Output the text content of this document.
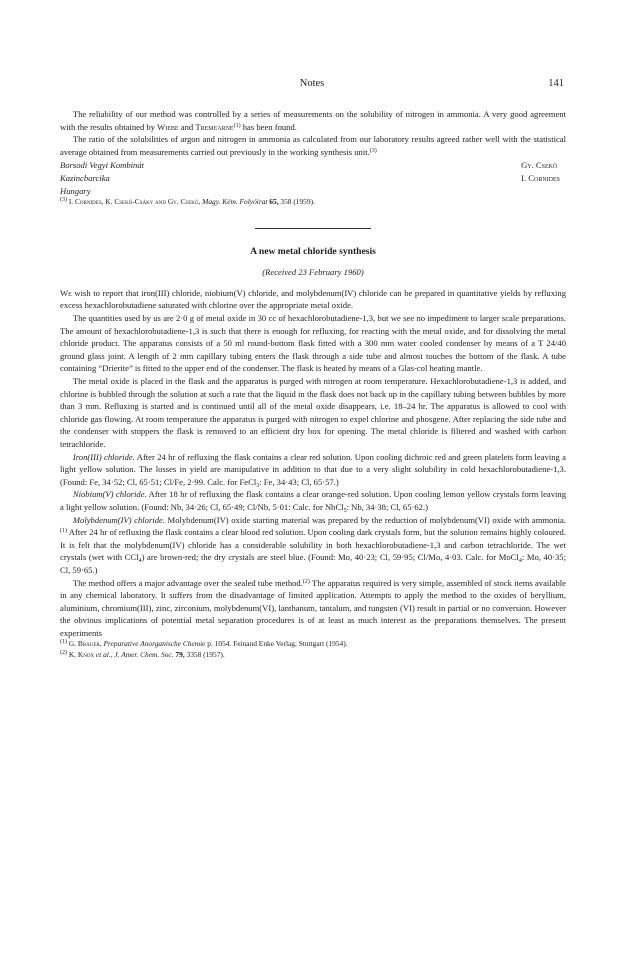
Notes	141

The reliability of our method was controlled by a series of measurements on the solubility of nitrogen in ammonia. A very good agreement with the results obtained by Wiebe and Tremearne$^{(1)}$ has been found.

The ratio of the solubilities of argon and nitrogen in ammonia as calculated from our laboratory results agreed rather well with the statistical average obtained from measurements carried out previously in the working synthesis unit.$^{(3)}$

Borsodi Vegyi Kombinát
Kazincbarcika
Hungary
Gy. Csekö
I. Cornides

$^{(3)}$ I. Cornides, K. Csekö-Csáky and Gy. Csekö, Magy. Kém. Folyóirat 65, 358 (1959).

A new metal chloride synthesis

(Received 23 February 1960)

We wish to report that iron(III) chloride, niobium(V) chloride, and molybdenum(IV) chloride can be prepared in quantitative yields by refluxing excess hexachlorobutadiene saturated with chlorine over the appropriate metal oxide.

The quantities used by us are 2·0 g of metal oxide in 30 cc of hexachlorobutadiene-1,3, but we see no impediment to larger scale preparations. The amount of hexachlorobutadiene-1,3 is such that there is enough for refluxing, for reacting with the metal oxide, and for dissolving the metal chloride product. The apparatus consists of a 50 ml round-bottom flask fitted with a 300 mm water cooled condenser by means of a T 24/40 ground glass joint. A length of 2 mm capillary tubing enters the flask through a side tube and almost touches the bottom of the flask. A tube containing “Drierite” is fitted to the upper end of the condenser. The flask is heated by means of a Glas-col heating mantle.

The metal oxide is placed in the flask and the apparatus is purged with nitrogen at room temperature. Hexachlorobutadiene-1,3 is added, and chlorine is bubbled through the solution at such a rate that the liquid in the flask does not back up in the capillary tubing between bubbles by more than 3 mm. Refluxing is started and is continued until all of the metal oxide disappears, i.e. 18–24 hr. The apparatus is allowed to cool with chloride gas flowing. At room temperature the apparatus is purged with nitrogen to expel chlorine and phosgene. After replacing the side tube and the condenser with stoppers the flask is removed to an efficient dry box for opening. The metal chloride is filtered and washed with carbon tetrachloride.

Iron(III) chloride. After 24 hr of refluxing the flask contains a clear red solution. Upon cooling dichroic red and green platelets form leaving a light yellow solution. The losses in yield are manipulative in addition to that due to a very slight solubility in cold hexachlorobutadiene-1,3. (Found: Fe, 34·52; Cl, 65·51; Cl/Fe, 2·99. Calc. for FeCl$_3$: Fe, 34·43; Cl, 65·57.)

Niobium(V) chloride. After 18 hr of refluxing the flask contains a clear orange-red solution. Upon cooling lemon yellow crystals form leaving a light yellow solution. (Found: Nb, 34·26; Cl, 65·49; Cl/Nb, 5·01: Calc. for NbCl$_5$: Nb, 34·38; Cl, 65·62.)

Molybdenum(IV) chloride. Molybdenum(IV) oxide starting material was prepared by the reduction of molybdenum(VI) oxide with ammonia.$^{(1)}$ After 24 hr of refluxing the flask contains a clear blood red solution. Upon cooling dark crystals form, but the solution remains highly coloured. It is felt that the molybdenum(IV) chloride has a considerable solubility in both hexachlorobutadiene-1,3 and carbon tetrachloride. The wet crystals (wet with CCl$_4$) are brown-red; the dry crystals are steel blue. (Found: Mo, 40·23; Cl, 59·95; Cl/Mo, 4·03. Calc. for MoCl$_4$: Mo, 40·35; Cl, 59·65.)

The method offers a major advantage over the sealed tube method.$^{(2)}$ The apparatus required is very simple, assembled of stock items available in any chemical laboratory. It suffers from the disadvantage of limited application. Attempts to apply the method to the oxides of beryllium, aluminium, chromium(III), zinc, zirconium, molybdenum(VI), lanthanum, tantalum, and tungsten (VI) result in partial or no conversion. However the obvious implications of potential metal separation procedures is of at least as much interest as the preparations themselves. The present experiments

$^{(1)}$ G. Brauer, Preparative Anorganische Chemie p. 1054. Feinand Enke Verlag, Stuttgart (1954).

$^{(2)}$ K. Knox et al., J. Amer. Chem. Soc. 79, 3358 (1957).
